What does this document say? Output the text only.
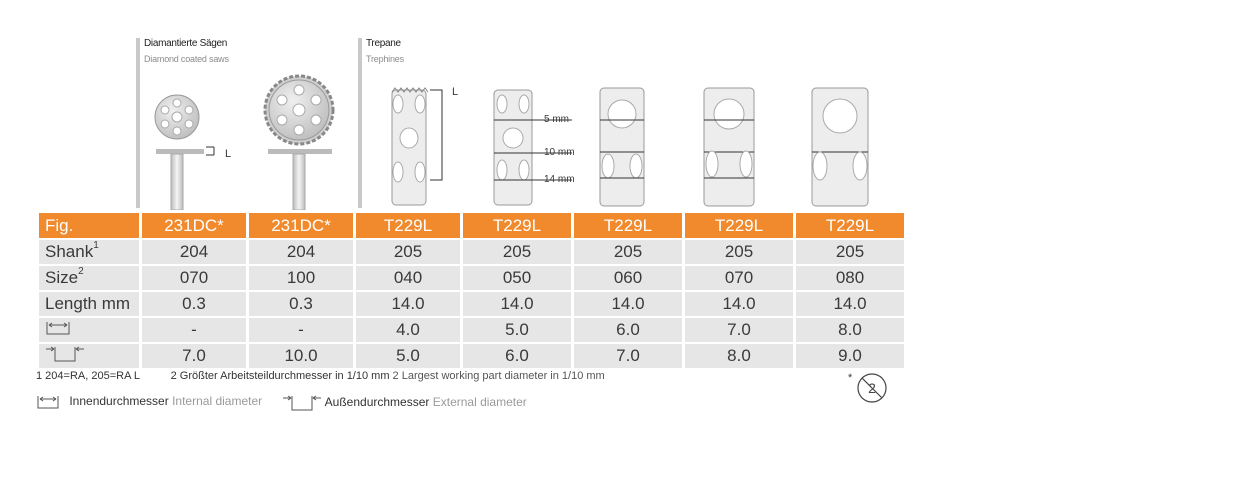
Diamantierte Sägen
Diamond coated saws
Trepane
Trephines
L
L
5 mm
10 mm
14 mm
Fig.	231DC*	231DC*	T229L	T229L	T229L	T229L	T229L
Shank$^1$	204	204	205	205	205	205	205
Size$^2$	070	100	040	050	060	070	080
Length mm	0.3	0.3	14.0	14.0	14.0	14.0	14.0
	-	-	4.0	5.0	6.0	7.0	8.0
	7.0	10.0	5.0	6.0	7.0	8.0	9.0
1 204=RA, 205=RA L	2 Größter Arbeitsteildurchmesser in 1/10 mm 2 Largest working part diameter in 1/10 mm
Innendurchmesser Internal diameter	Außendurchmesser External diameter
*
2
